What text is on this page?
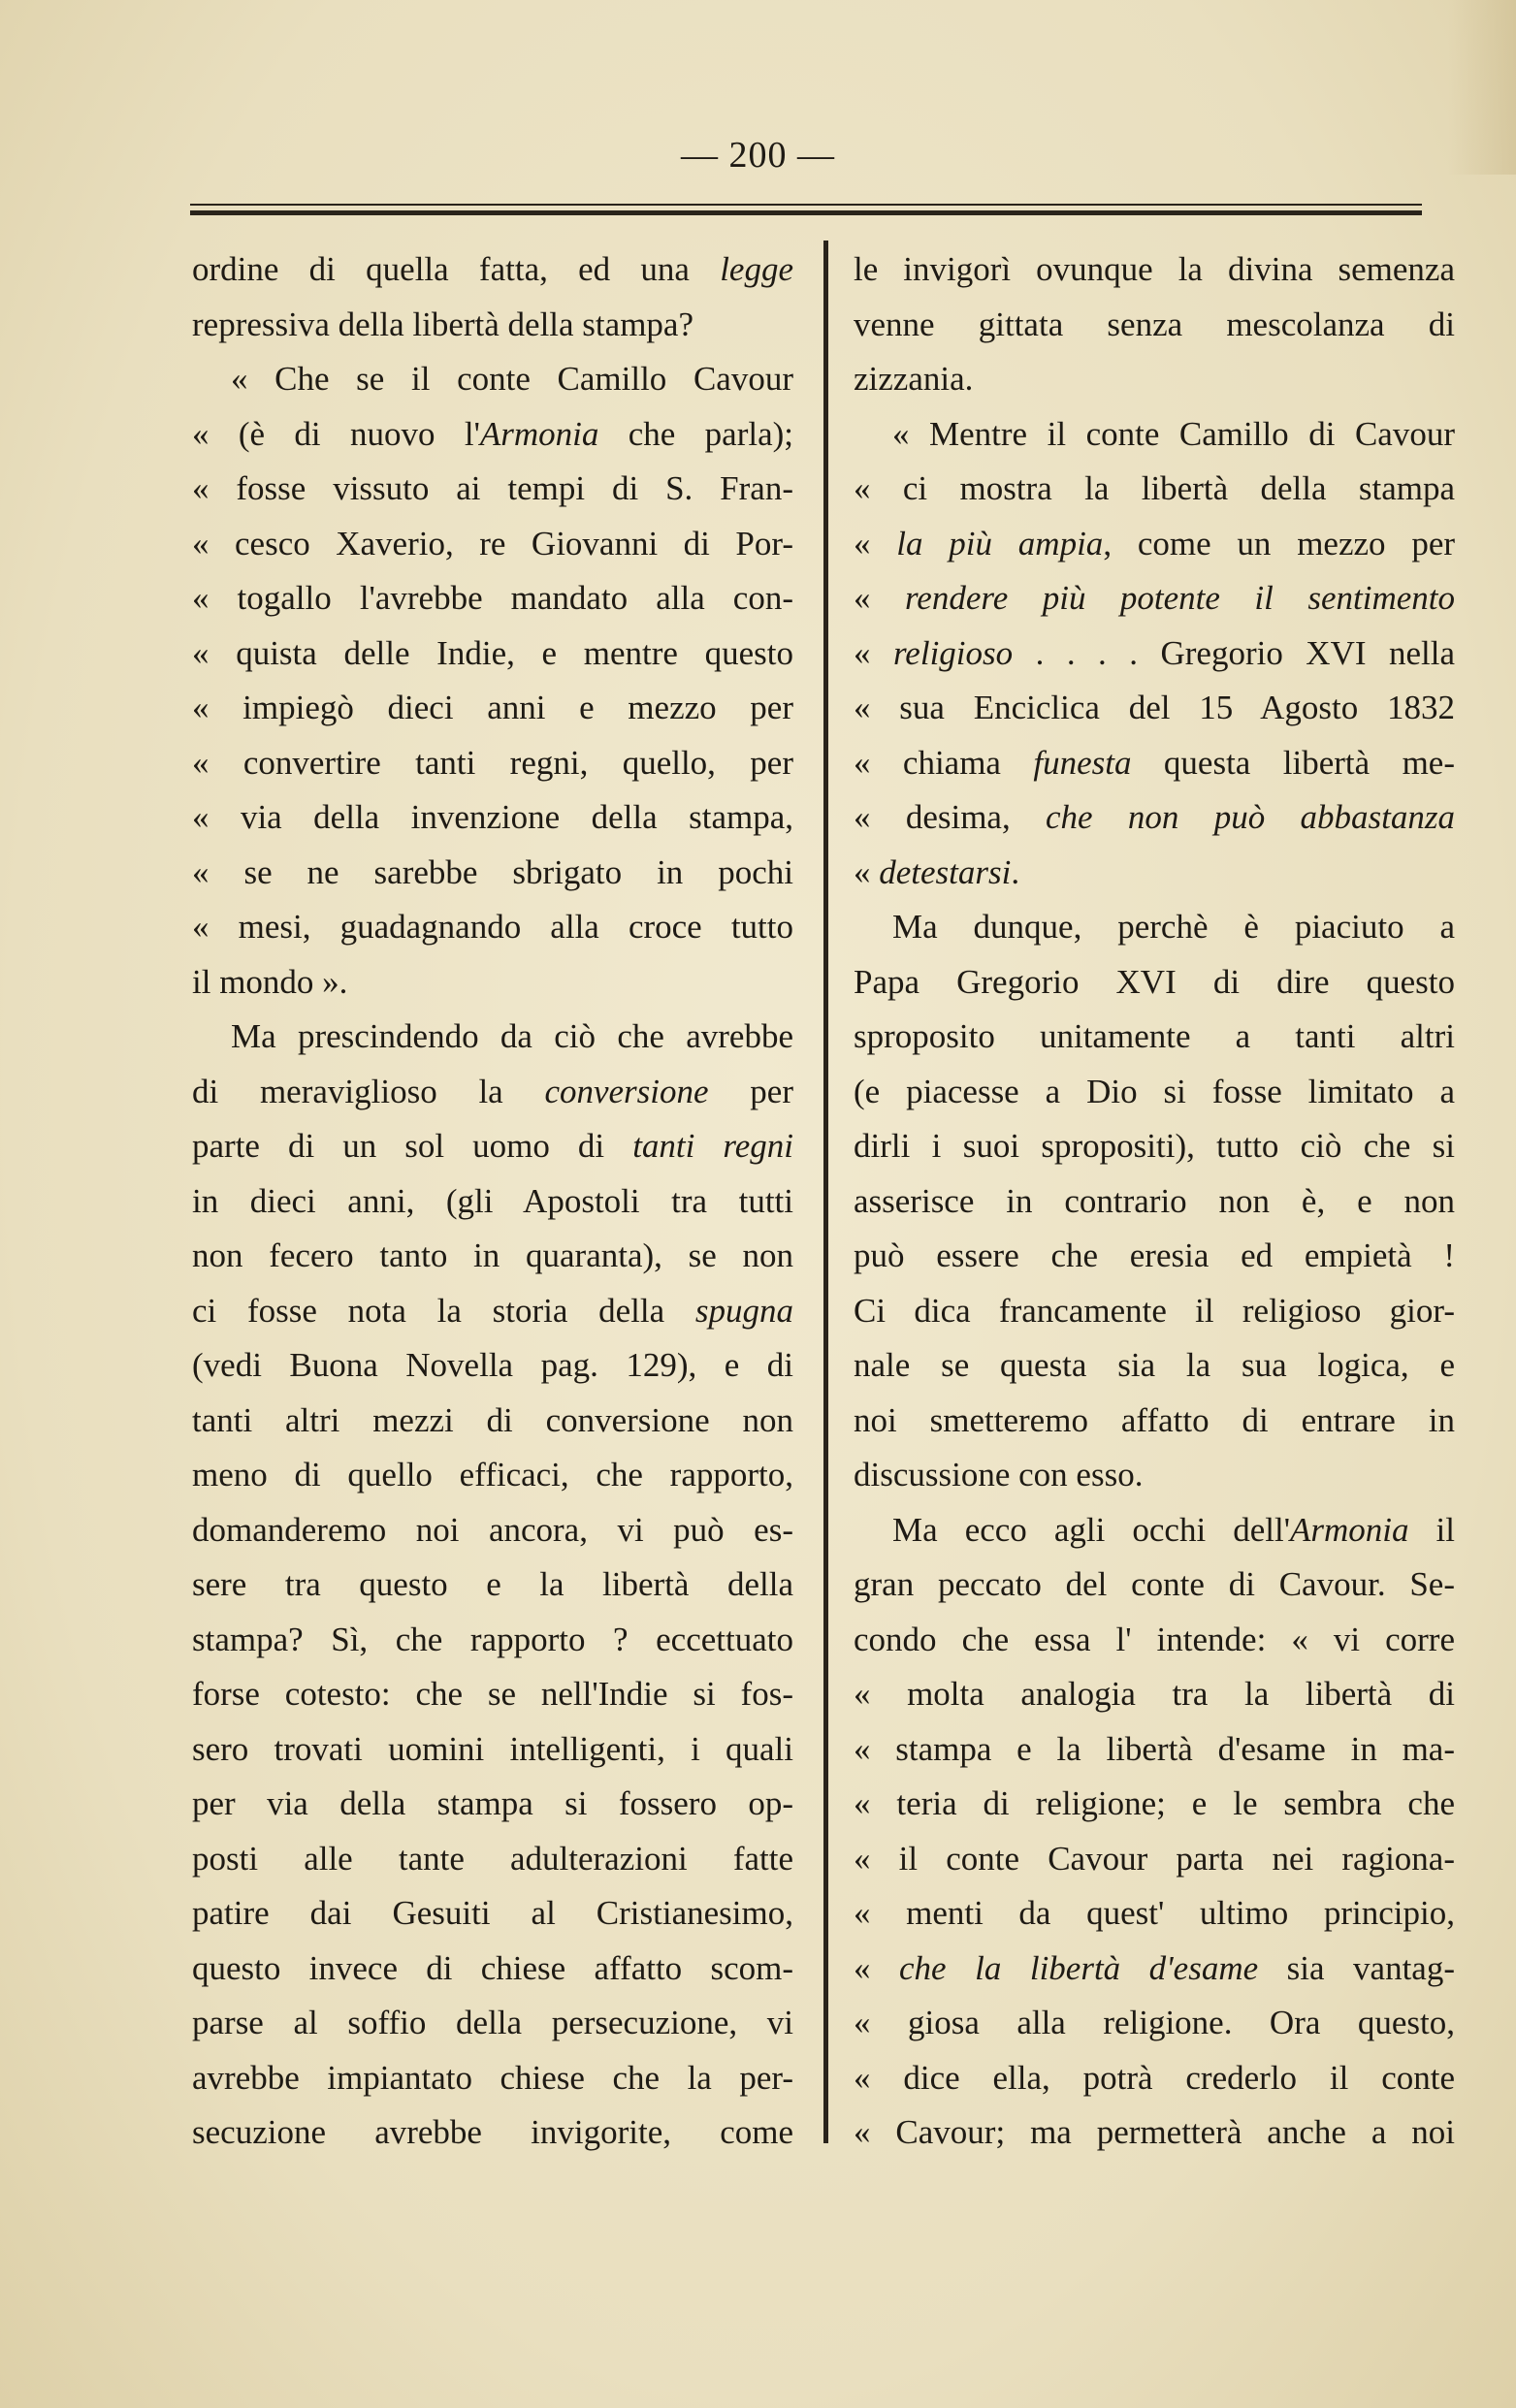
— 200 —
ordine di quella fatta, ed una legge
repressiva della libertà della stampa?
« Che se il conte Camillo Cavour
« (è di nuovo l'Armonia che parla);
« fosse vissuto ai tempi di S. Fran-
« cesco Xaverio, re Giovanni di Por-
« togallo l'avrebbe mandato alla con-
« quista delle Indie, e mentre questo
« impiegò dieci anni e mezzo per
« convertire tanti regni, quello, per
« via della invenzione della stampa,
« se ne sarebbe sbrigato in pochi
« mesi, guadagnando alla croce tutto
il mondo ».
Ma prescindendo da ciò che avrebbe
di meraviglioso la conversione per
parte di un sol uomo di tanti regni
in dieci anni, (gli Apostoli tra tutti
non fecero tanto in quaranta), se non
ci fosse nota la storia della spugna
(vedi Buona Novella pag. 129), e di
tanti altri mezzi di conversione non
meno di quello efficaci, che rapporto,
domanderemo noi ancora, vi può es-
sere tra questo e la libertà della
stampa? Sì, che rapporto ? eccettuato
forse cotesto: che se nell'Indie si fos-
sero trovati uomini intelligenti, i quali
per via della stampa si fossero op-
posti alle tante adulterazioni fatte
patire dai Gesuiti al Cristianesimo,
questo invece di chiese affatto scom-
parse al soffio della persecuzione, vi
avrebbe impiantato chiese che la per-
secuzione avrebbe invigorite, come
le invigorì ovunque la divina semenza
venne gittata senza mescolanza di
zizzania.
« Mentre il conte Camillo di Cavour
« ci mostra la libertà della stampa
« la più ampia, come un mezzo per
« rendere più potente il sentimento
« religioso . . . . Gregorio XVI nella
« sua Enciclica del 15 Agosto 1832
« chiama funesta questa libertà me-
« desima, che non può abbastanza
« detestarsi.
Ma dunque, perchè è piaciuto a
Papa Gregorio XVI di dire questo
sproposito unitamente a tanti altri
(e piacesse a Dio si fosse limitato a
dirli i suoi spropositi), tutto ciò che si
asserisce in contrario non è, e non
può essere che eresia ed empietà !
Ci dica francamente il religioso gior-
nale se questa sia la sua logica, e
noi smetteremo affatto di entrare in
discussione con esso.
Ma ecco agli occhi dell'Armonia il
gran peccato del conte di Cavour. Se-
condo che essa l' intende: « vi corre
« molta analogia tra la libertà di
« stampa e la libertà d'esame in ma-
« teria di religione; e le sembra che
« il conte Cavour parta nei ragiona-
« menti da quest' ultimo principio,
« che la libertà d'esame sia vantag-
« giosa alla religione. Ora questo,
« dice ella, potrà crederlo il conte
« Cavour; ma permetterà anche a noi
